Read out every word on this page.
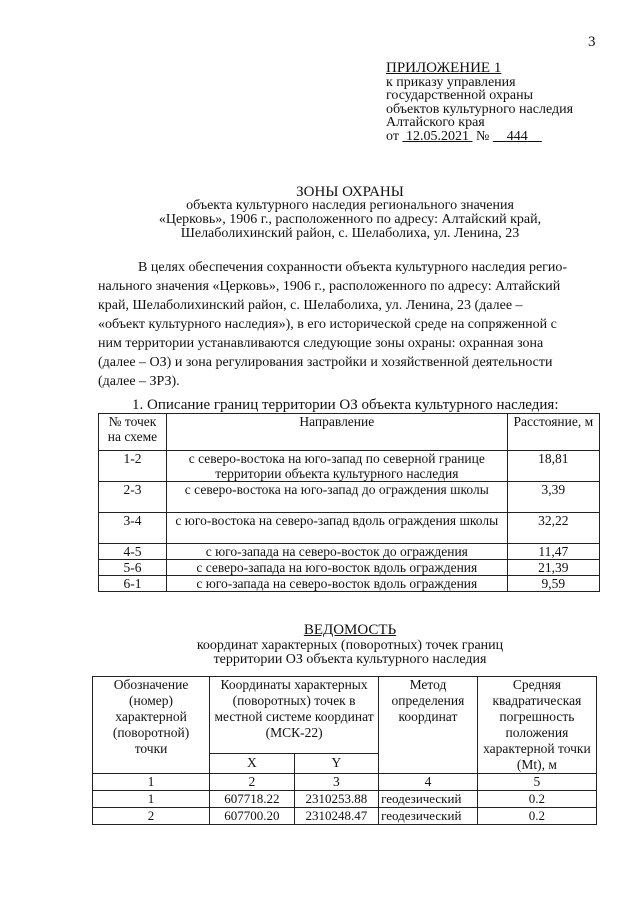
3
ПРИЛОЖЕНИЕ 1
к приказу управления
государственной охраны
объектов культурного наследия
Алтайского края
от 12.05.2021 № 444
ЗОНЫ ОХРАНЫ
объекта культурного наследия регионального значения
«Церковь», 1906 г., расположенного по адресу: Алтайский край,
Шелаболихинский район, с. Шелаболиха, ул. Ленина, 23
В целях обеспечения сохранности объекта культурного наследия регио-
нального значения «Церковь», 1906 г., расположенного по адресу: Алтайский
край, Шелаболихинский район, с. Шелаболиха, ул. Ленина, 23 (далее –
«объект культурного наследия»), в его исторической среде на сопряженной с
ним территории устанавливаются следующие зоны охраны: охранная зона
(далее – ОЗ) и зона регулирования застройки и хозяйственной деятельности
(далее – ЗРЗ).
1. Описание границ территории ОЗ объекта культурного наследия:
№ точек на схеме	Направление	Расстояние, м
1-2	с северо-востока на юго-запад по северной границе территории объекта культурного наследия	18,81
2-3	с северо-востока на юго-запад до ограждения школы	3,39
3-4	с юго-востока на северо-запад вдоль ограждения школы	32,22
4-5	с юго-запада на северо-восток до ограждения	11,47
5-6	с северо-запада на юго-восток вдоль ограждения	21,39
6-1	с юго-запада на северо-восток вдоль ограждения	9,59
ВЕДОМОСТЬ
координат характерных (поворотных) точек границ
территории ОЗ объекта культурного наследия
Обозначение (номер) характерной (поворотной) точки	Координаты характерных (поворотных) точек в местной системе координат (МСК-22)		Метод определения координат	Средняя квадратическая погрешность положения характерной точки (Mt), м
	X	Y		
1	2	3	4	5
1	607718.22	2310253.88	геодезический	0.2
2	607700.20	2310248.47	геодезический	0.2
